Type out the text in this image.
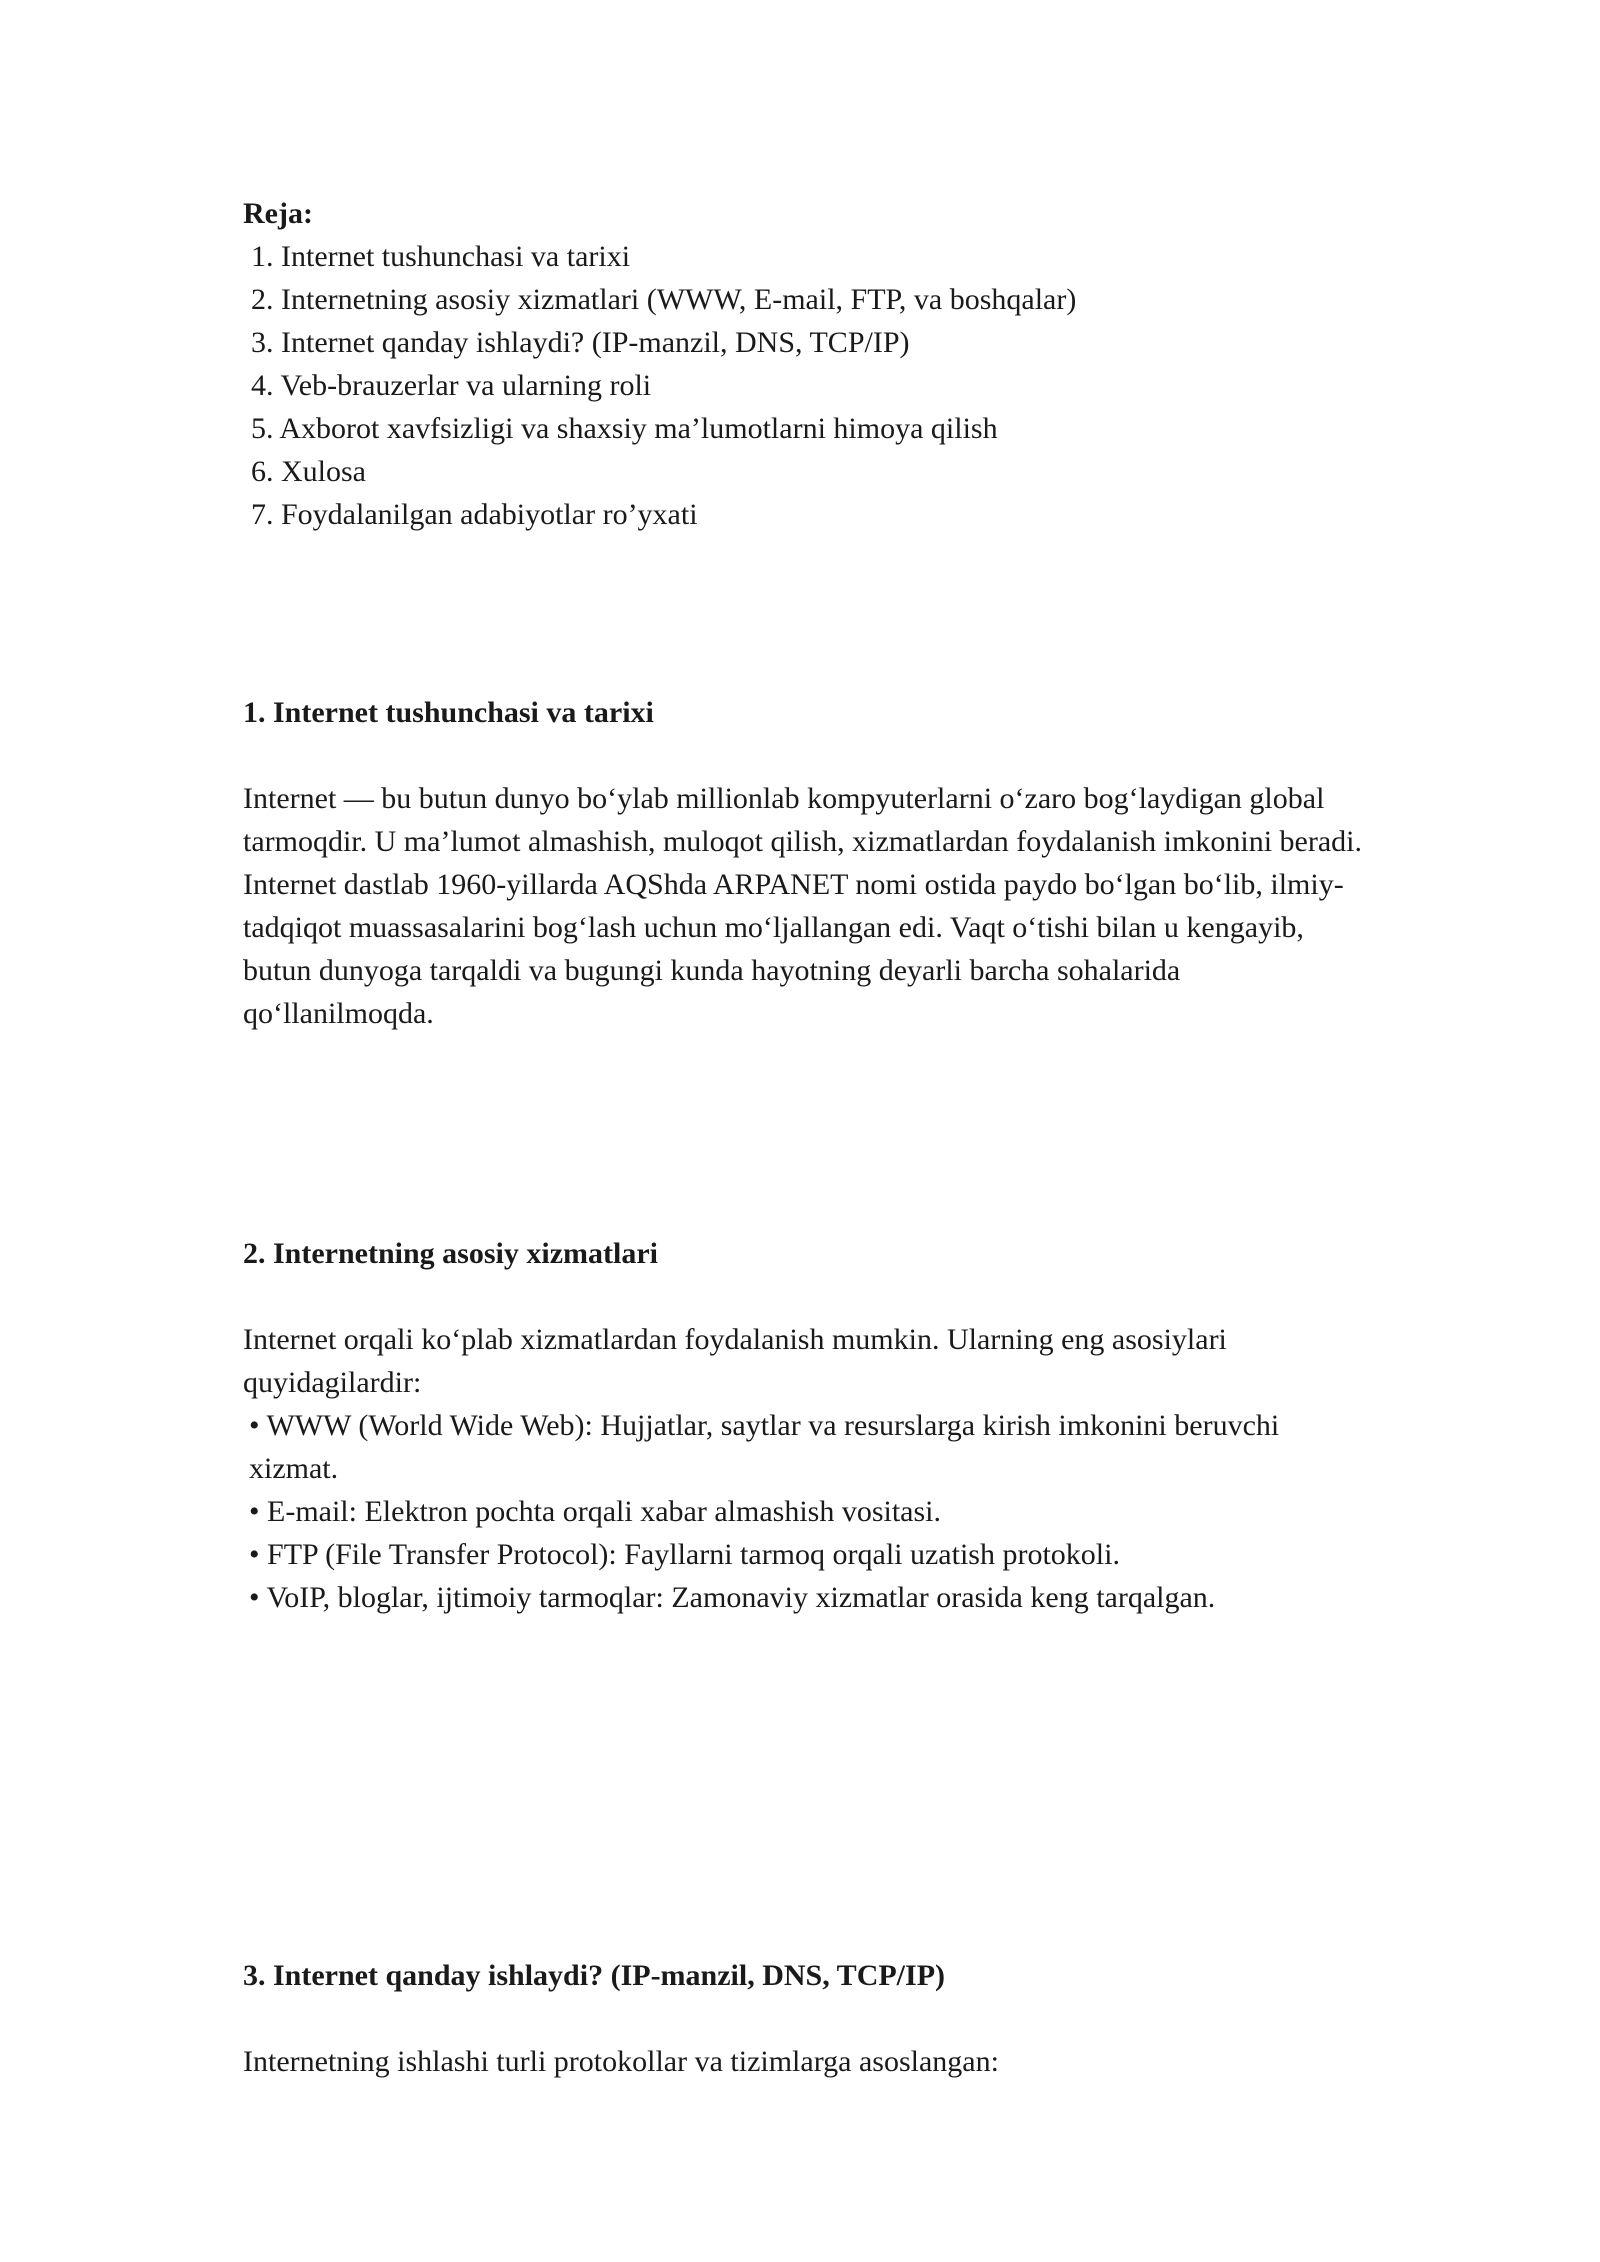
Reja:
1. Internet tushunchasi va tarixi
2. Internetning asosiy xizmatlari (WWW, E-mail, FTP, va boshqalar)
3. Internet qanday ishlaydi? (IP-manzil, DNS, TCP/IP)
4. Veb-brauzerlar va ularning roli
5. Axborot xavfsizligi va shaxsiy ma’lumotlarni himoya qilish
6. Xulosa
7. Foydalanilgan adabiyotlar ro’yxati
1. Internet tushunchasi va tarixi

Internet — bu butun dunyo bo‘ylab millionlab kompyuterlarni o‘zaro bog‘laydigan global tarmoqdir. U ma’lumot almashish, muloqot qilish, xizmatlardan foydalanish imkonini beradi. Internet dastlab 1960-yillarda AQShda ARPANET nomi ostida paydo bo‘lgan bo‘lib, ilmiy-tadqiqot muassasalarini bog‘lash uchun mo‘ljallangan edi. Vaqt o‘tishi bilan u kengayib, butun dunyoga tarqaldi va bugungi kunda hayotning deyarli barcha sohalarida qo‘llanilmoqda.

2. Internetning asosiy xizmatlari

Internet orqali ko‘plab xizmatlardan foydalanish mumkin. Ularning eng asosiylari quyidagilardir:

• WWW (World Wide Web): Hujjatlar, saytlar va resurslarga kirish imkonini beruvchi xizmat.
• E-mail: Elektron pochta orqali xabar almashish vositasi.
• FTP (File Transfer Protocol): Fayllarni tarmoq orqali uzatish protokoli.
• VoIP, bloglar, ijtimoiy tarmoqlar: Zamonaviy xizmatlar orasida keng tarqalgan.
3. Internet qanday ishlaydi? (IP-manzil, DNS, TCP/IP)

Internetning ishlashi turli protokollar va tizimlarga asoslangan:
